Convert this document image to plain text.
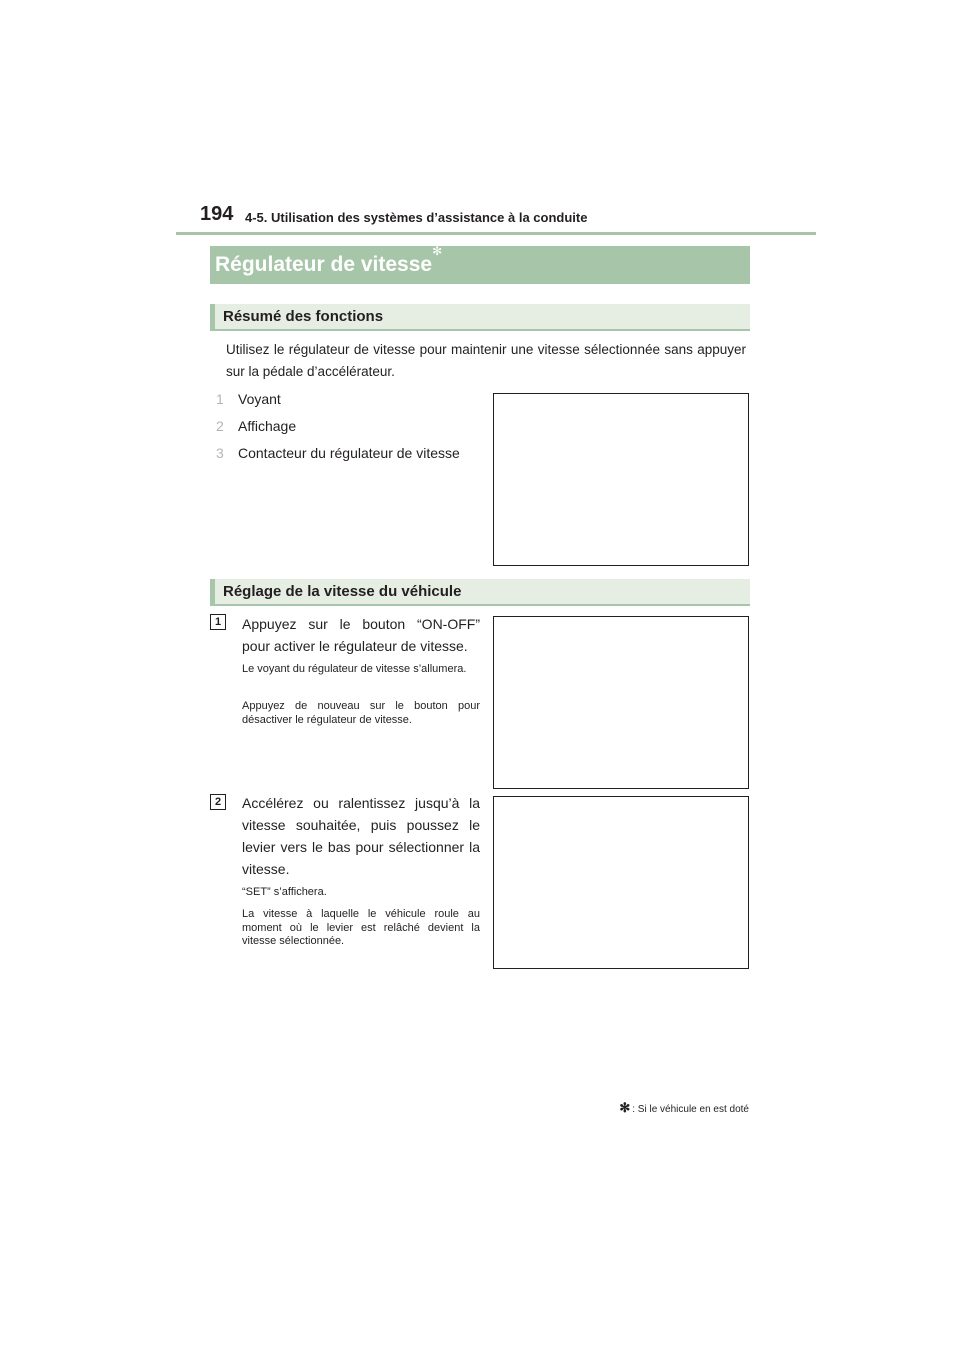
194 4-5. Utilisation des systèmes d’assistance à la conduite
Régulateur de vitesse✻
Résumé des fonctions
Utilisez le régulateur de vitesse pour maintenir une vitesse sélectionnée sans appuyer sur la pédale d’accélérateur.
1 Voyant
2 Affichage
3 Contacteur du régulateur de vitesse
Réglage de la vitesse du véhicule
1	Appuyez sur le bouton “ON-OFF” pour activer le régulateur de vitesse.
Le voyant du régulateur de vitesse s’allumera.
Appuyez de nouveau sur le bouton pour désactiver le régulateur de vitesse.
2	Accélérez ou ralentissez jusqu’à la vitesse souhaitée, puis poussez le levier vers le bas pour sélectionner la vitesse.
“SET” s’affichera.
La vitesse à laquelle le véhicule roule au moment où le levier est relâché devient la vitesse sélectionnée.
✻ : Si le véhicule en est doté
